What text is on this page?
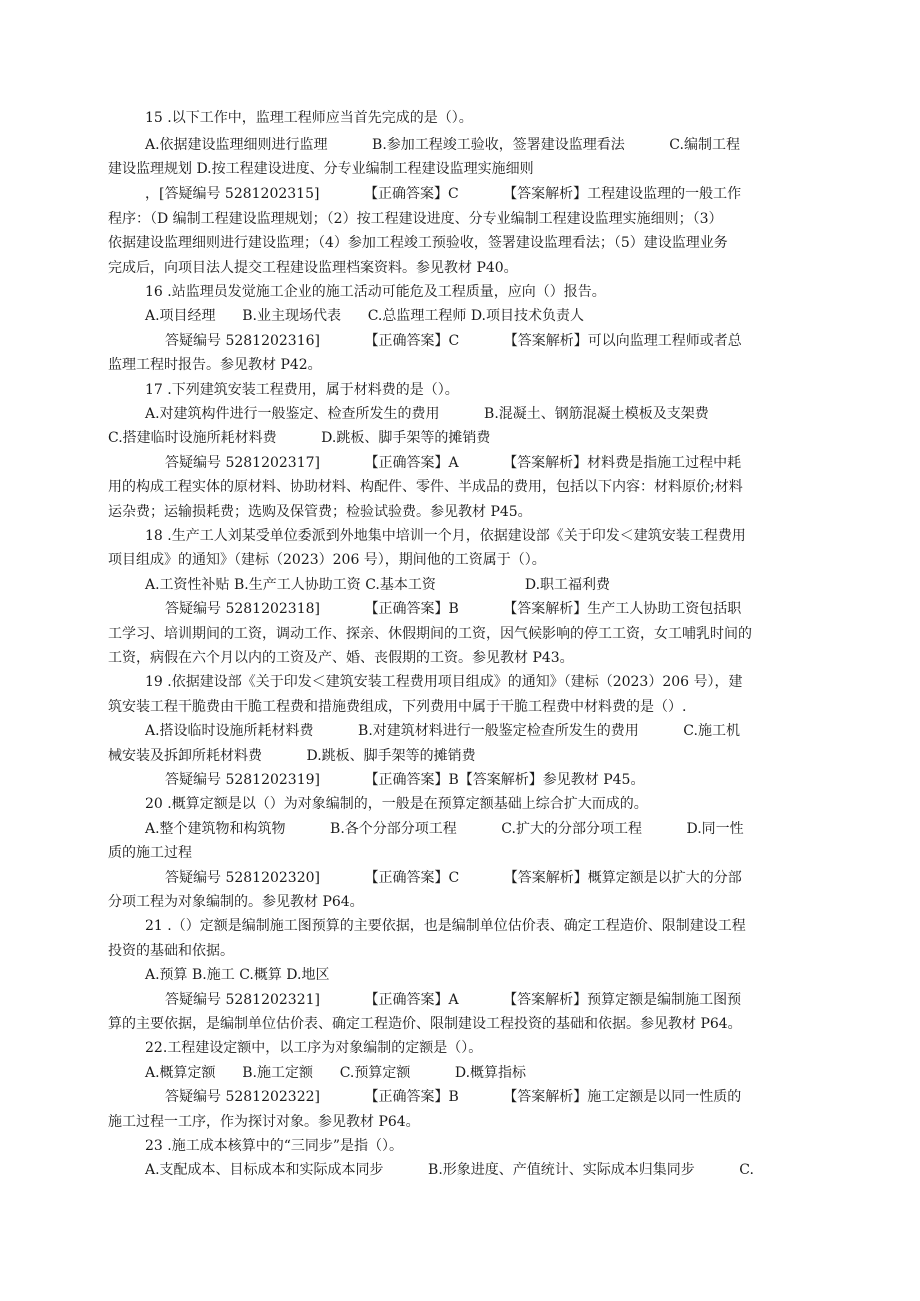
15 .以下工作中，监理工程师应当首先完成的是（）。
A.依据建设监理细则进行监理          B.参加工程竣工验收，签署建设监理看法          C.编制工程
建设监理规划 D.按工程建设进度、分专业编制工程建设监理实施细则
，[答疑编号 5281202315]          【正确答案】C          【答案解析】工程建设监理的一般工作
程序：（D 编制工程建设监理规划；（2）按工程建设进度、分专业编制工程建设监理实施细则；（3）
依据建设监理细则进行建设监理；（4）参加工程竣工预验收，签署建设监理看法；（5）建设监理业务
完成后，向项目法人提交工程建设监理档案资料。参见教材 P40。
16 .站监理员发觉施工企业的施工活动可能危及工程质量，应向（）报告。
A.项目经理      B.业主现场代表      C.总监理工程师 D.项目技术负责人
答疑编号 5281202316]          【正确答案】C          【答案解析】可以向监理工程师或者总
监理工程时报告。参见教材 P42。
17 .下列建筑安装工程费用，属于材料费的是（）。
A.对建筑构件进行一般鉴定、检查所发生的费用          B.混凝土、钢筋混凝土模板及支架费
C.搭建临时设施所耗材料费          D.跳板、脚手架等的摊销费
答疑编号 5281202317]          【正确答案】A          【答案解析】材料费是指施工过程中耗
用的构成工程实体的原材料、协助材料、构配件、零件、半成品的费用，包括以下内容：材料原价;材料
运杂费；运输损耗费；选购及保管费；检验试验费。参见教材 P45。
18 .生产工人刘某受单位委派到外地集中培训一个月，依据建设部《关于印发＜建筑安装工程费用
项目组成》的通知》（建标（2023）206 号），期间他的工资属于（）。
A.工资性补贴 B.生产工人协助工资 C.基本工资                    D.职工福利费
答疑编号 5281202318]          【正确答案】B          【答案解析】生产工人协助工资包括职
工学习、培训期间的工资，调动工作、探亲、休假期间的工资，因气候影响的停工工资，女工哺乳时间的
工资，病假在六个月以内的工资及产、婚、丧假期的工资。参见教材 P43。
19 .依据建设部《关于印发＜建筑安装工程费用项目组成》的通知》（建标（2023）206 号），建
筑安装工程干脆费由干脆工程费和措施费组成，下列费用中属于干脆工程费中材料费的是（）.
A.搭设临时设施所耗材料费          B.对建筑材料进行一般鉴定检查所发生的费用          C.施工机
械安装及拆卸所耗材料费          D.跳板、脚手架等的摊销费
答疑编号 5281202319]          【正确答案】B【答案解析】参见教材 P45。
20 .概算定额是以（）为对象编制的，一般是在预算定额基础上综合扩大而成的。
A.整个建筑物和构筑物          B.各个分部分项工程          C.扩大的分部分项工程          D.同一性
质的施工过程
答疑编号 5281202320]          【正确答案】C          【答案解析】概算定额是以扩大的分部
分项工程为对象编制的。参见教材 P64。
21 .（）定额是编制施工图预算的主要依据，也是编制单位估价表、确定工程造价、限制建设工程
投资的基础和依据。
A.预算 B.施工 C.概算 D.地区
答疑编号 5281202321]          【正确答案】A          【答案解析】预算定额是编制施工图预
算的主要依据，是编制单位估价表、确定工程造价、限制建设工程投资的基础和依据。参见教材 P64。
22.工程建设定额中，以工序为对象编制的定额是（）。
A.概算定额      B.施工定额      C.预算定额          D.概算指标
答疑编号 5281202322]          【正确答案】B          【答案解析】施工定额是以同一性质的
施工过程一工序，作为探讨对象。参见教材 P64。
23 .施工成本核算中的“三同步”是指（）。
A.支配成本、目标成本和实际成本同步          B.形象进度、产值统计、实际成本归集同步          C.
